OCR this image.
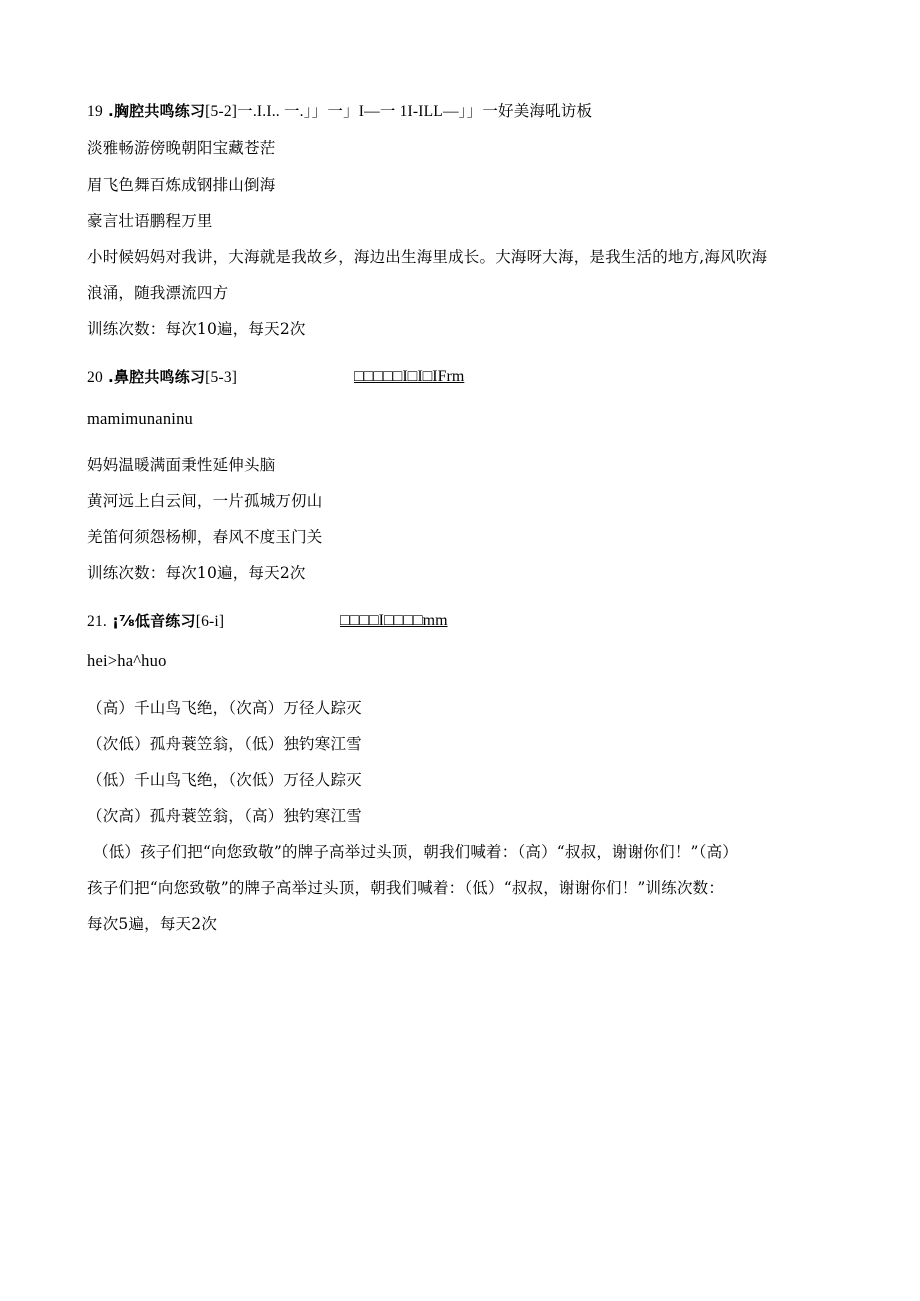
19 .胸腔共鸣练习[5-2]一.I.I.. 一.」」一」I—一 1I-ILL—」」一好美海吼访板
淡雅畅游傍晚朝阳宝藏苍茫
眉飞色舞百炼成钢排山倒海
豪言壮语鹏程万里
小时候妈妈对我讲，大海就是我故乡，海边出生海里成长。大海呀大海，是我生活的地方,海风吹海
浪涌，随我漂流四方
训练次数：每次10遍，每天2次
20 .鼻腔共鸣练习[5-3]	□□□□□I□I□IFrm
mamimunaninu
妈妈温暖满面秉性延伸头脑
黄河远上白云间，一片孤城万仞山
羌笛何须怨杨柳，春风不度玉门关
训练次数：每次10遍，每天2次
21. ¡⅞低音练习[6-i]	□□□□I□□□□mm
hei>ha^huo
（高）千山鸟飞绝，（次高）万径人踪灭
（次低）孤舟蓑笠翁，（低）独钓寒江雪
（低）千山鸟飞绝，（次低）万径人踪灭
（次高）孤舟蓑笠翁，（高）独钓寒江雪
（低）孩子们把“向您致敬”的牌子高举过头顶，朝我们喊着：（高）“叔叔，谢谢你们！”（高）
孩子们把“向您致敬”的牌子高举过头顶，朝我们喊着：（低）“叔叔，谢谢你们！”训练次数：
每次5遍，每天2次
